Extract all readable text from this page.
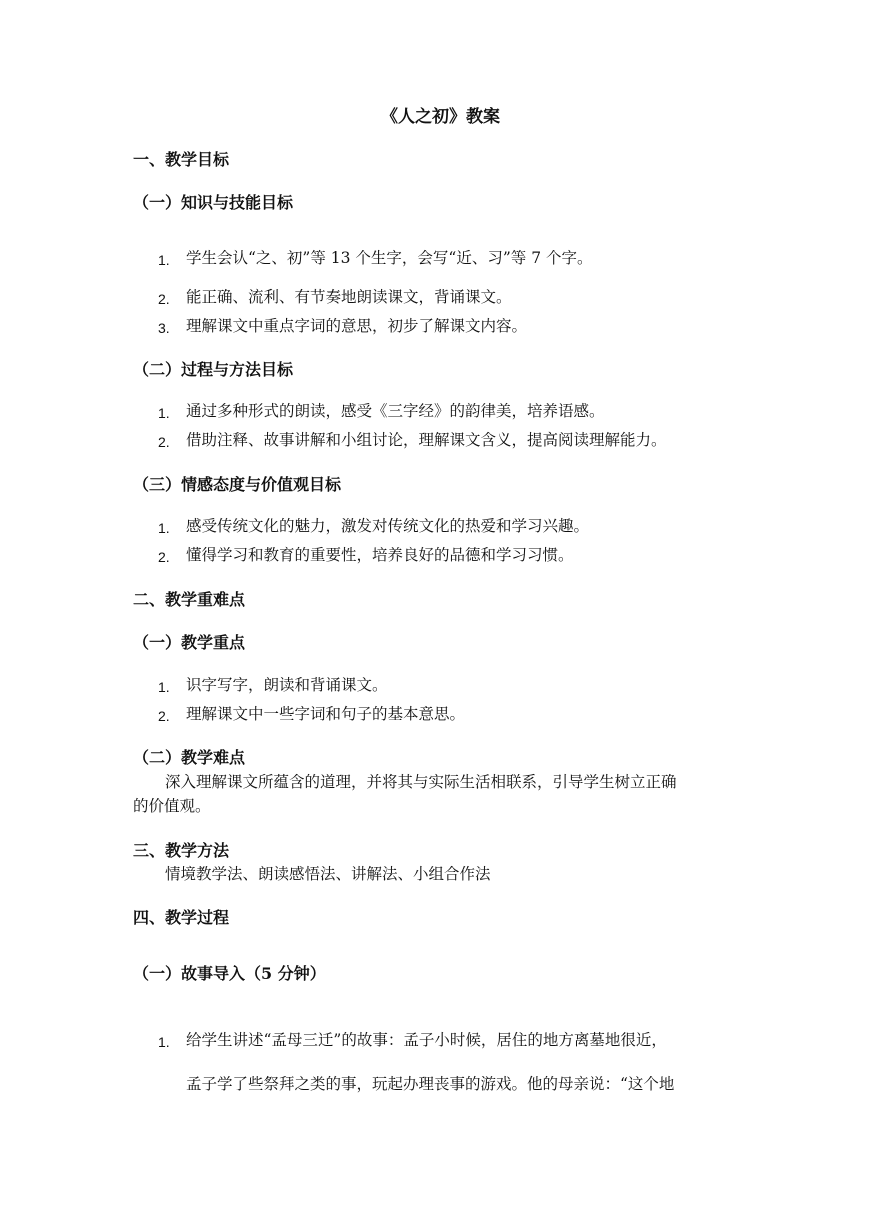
《人之初》教案
一、教学目标
（一）知识与技能目标
1. 学生会认“之、初”等 13 个生字，会写“近、习”等 7 个字。
2. 能正确、流利、有节奏地朗读课文，背诵课文。
3. 理解课文中重点字词的意思，初步了解课文内容。
（二）过程与方法目标
1. 通过多种形式的朗读，感受《三字经》的韵律美，培养语感。
2. 借助注释、故事讲解和小组讨论，理解课文含义，提高阅读理解能力。
（三）情感态度与价值观目标
1. 感受传统文化的魅力，激发对传统文化的热爱和学习兴趣。
2. 懂得学习和教育的重要性，培养良好的品德和学习习惯。
二、教学重难点
（一）教学重点
1. 识字写字，朗读和背诵课文。
2. 理解课文中一些字词和句子的基本意思。
（二）教学难点
深入理解课文所蕴含的道理，并将其与实际生活相联系，引导学生树立正确
的价值观。
三、教学方法
情境教学法、朗读感悟法、讲解法、小组合作法
四、教学过程
（一）故事导入（5 分钟）
1. 给学生讲述“孟母三迁”的故事：孟子小时候，居住的地方离墓地很近，
孟子学了些祭拜之类的事，玩起办理丧事的游戏。他的母亲说：“这个地
